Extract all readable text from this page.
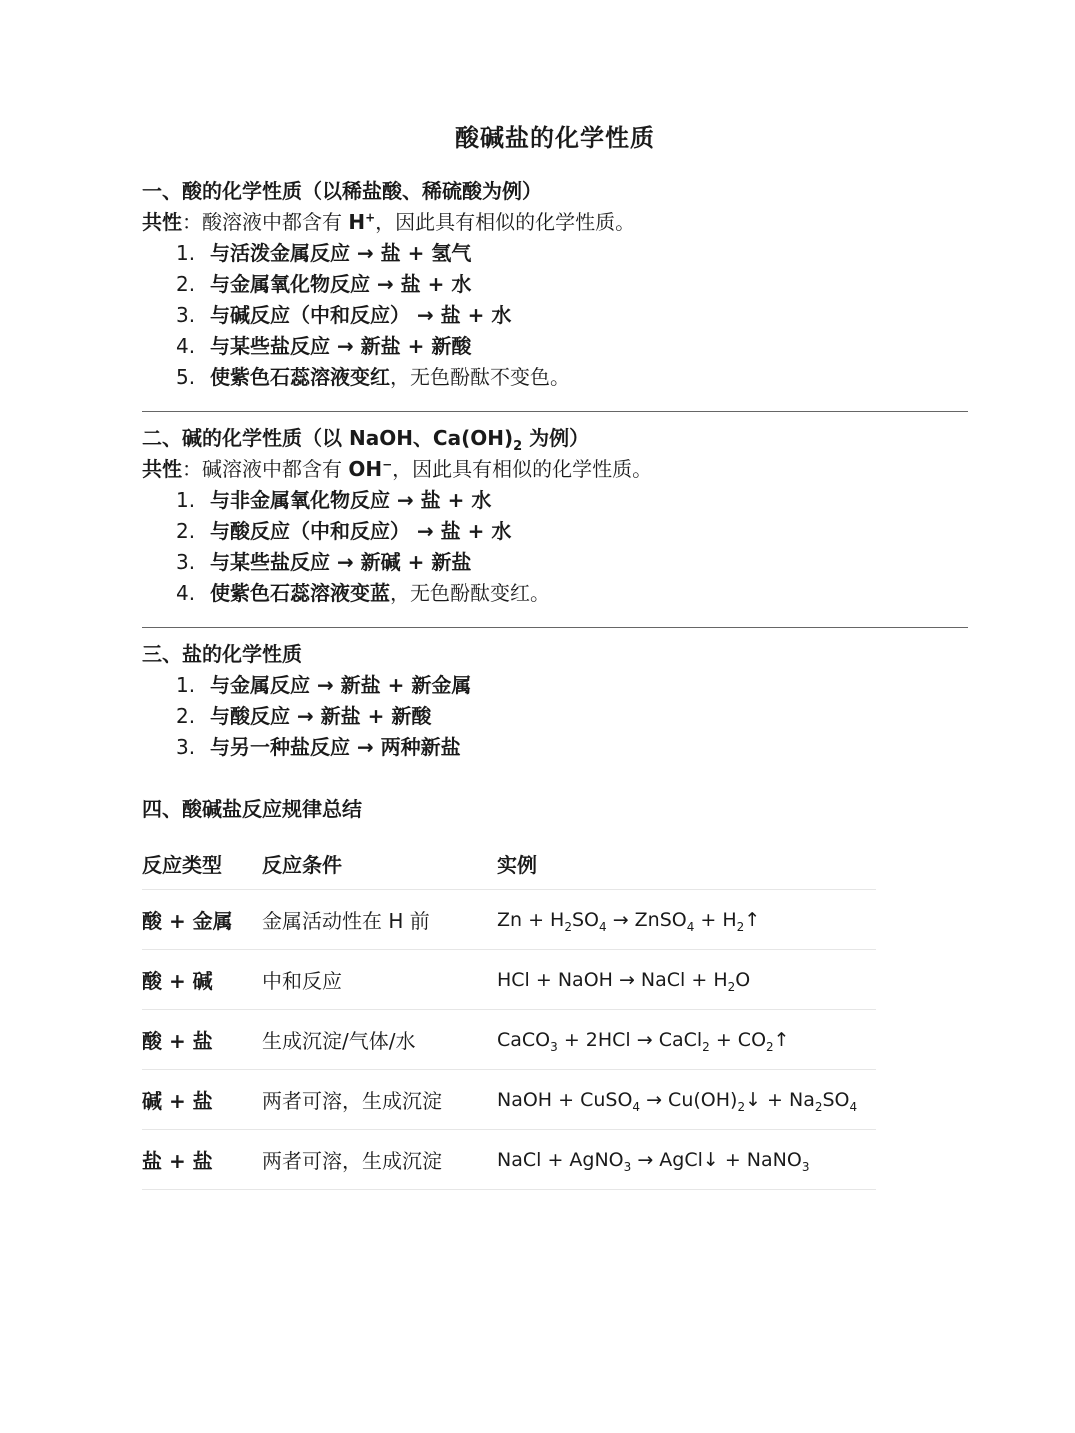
酸碱盐的化学性质

一、酸的化学性质（以稀盐酸、稀硫酸为例）

共性：酸溶液中都含有 H+，因此具有相似的化学性质。
1. 与活泼金属反应 → 盐 + 氢气
2. 与金属氧化物反应 → 盐 + 水
3. 与碱反应（中和反应） → 盐 + 水
4. 与某些盐反应 → 新盐 + 新酸
5. 使紫色石蕊溶液变红 ，无色酚酞不变色。

二、碱的化学性质（以 NaOH、$Ca(OH)_2$ 为例）

共性：碱溶液中都含有 OH−，因此具有相似的化学性质。
1. 与非金属氧化物反应 → 盐 + 水
2. 与酸反应（中和反应） → 盐 + 水
3. 与某些盐反应 → 新碱 + 新盐
4. 使紫色石蕊溶液变蓝 ，无色酚酞变红。

三、盐的化学性质

1. 与金属反应 → 新盐 + 新金属
2. 与酸反应 → 新盐 + 新酸
3. 与另一种盐反应 → 两种新盐

四、酸碱盐反应规律总结

反应类型	反应条件	实例
酸 + 金属	金属活动性在 H 前	$Zn + H_2SO_4$ → ZnSO$_4$ + $H_2↑$
酸 + 碱	中和反应	HCl + NaOH → NaCl + $H_2O$
酸 + 盐	生成沉淀/气体/水	CaCO$_3$ + 2HCl → CaCl$_2$ + $CO_2↑$
碱 + 盐	两者可溶，生成沉淀	NaOH + CuSO$_4$ → $Cu(OH)_2↓ + Na_2SO_4$
盐 + 盐	两者可溶，生成沉淀	NaCl + AgNO$_3$ → AgCl↓ + NaNO$_3$
